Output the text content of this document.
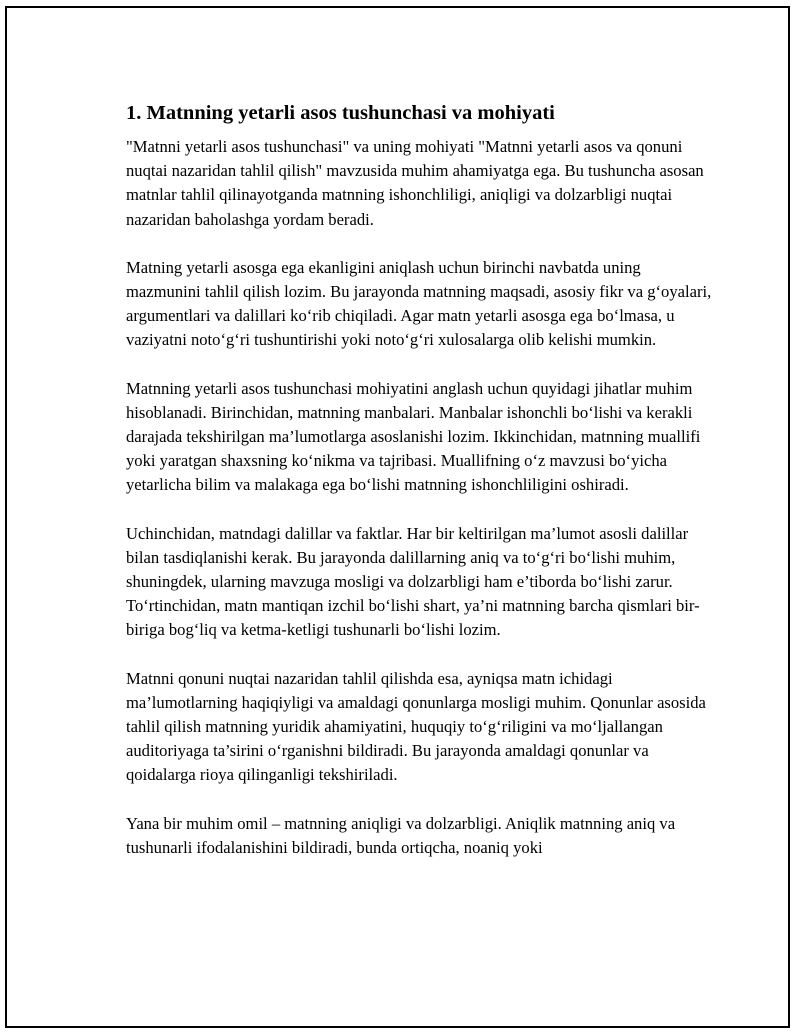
1. Matnning yetarli asos tushunchasi va mohiyati

"Matnni yetarli asos tushunchasi" va uning mohiyati "Matnni yetarli asos va qonuni nuqtai nazaridan tahlil qilish" mavzusida muhim ahamiyatga ega. Bu tushuncha asosan matnlar tahlil qilinayotganda matnning ishonchliligi, aniqligi va dolzarbligi nuqtai nazaridan baholashga yordam beradi.

Matning yetarli asosga ega ekanligini aniqlash uchun birinchi navbatda uning mazmunini tahlil qilish lozim. Bu jarayonda matnning maqsadi, asosiy fikr va g‘oyalari, argumentlari va dalillari ko‘rib chiqiladi. Agar matn yetarli asosga ega bo‘lmasa, u vaziyatni noto‘g‘ri tushuntirishi yoki noto‘g‘ri xulosalarga olib kelishi mumkin.

Matnning yetarli asos tushunchasi mohiyatini anglash uchun quyidagi jihatlar muhim hisoblanadi. Birinchidan, matnning manbalari. Manbalar ishonchli bo‘lishi va kerakli darajada tekshirilgan ma’lumotlarga asoslanishi lozim. Ikkinchidan, matnning muallifi yoki yaratgan shaxsning ko‘nikma va tajribasi. Muallifning o‘z mavzusi bo‘yicha yetarlicha bilim va malakaga ega bo‘lishi matnning ishonchliligini oshiradi.

Uchinchidan, matndagi dalillar va faktlar. Har bir keltirilgan ma’lumot asosli dalillar bilan tasdiqlanishi kerak. Bu jarayonda dalillarning aniq va to‘g‘ri bo‘lishi muhim, shuningdek, ularning mavzuga mosligi va dolzarbligi ham e’tiborda bo‘lishi zarur. To‘rtinchidan, matn mantiqan izchil bo‘lishi shart, ya’ni matnning barcha qismlari bir-biriga bog‘liq va ketma-ketligi tushunarli bo‘lishi lozim.

Matnni qonuni nuqtai nazaridan tahlil qilishda esa, ayniqsa matn ichidagi ma’lumotlarning haqiqiyligi va amaldagi qonunlarga mosligi muhim. Qonunlar asosida tahlil qilish matnning yuridik ahamiyatini, huquqiy to‘g‘riligini va mo‘ljallangan auditoriyaga ta’sirini o‘rganishni bildiradi. Bu jarayonda amaldagi qonunlar va qoidalarga rioya qilinganligi tekshiriladi.

Yana bir muhim omil – matnning aniqligi va dolzarbligi. Aniqlik matnning aniq va tushunarli ifodalanishini bildiradi, bunda ortiqcha, noaniq yoki
